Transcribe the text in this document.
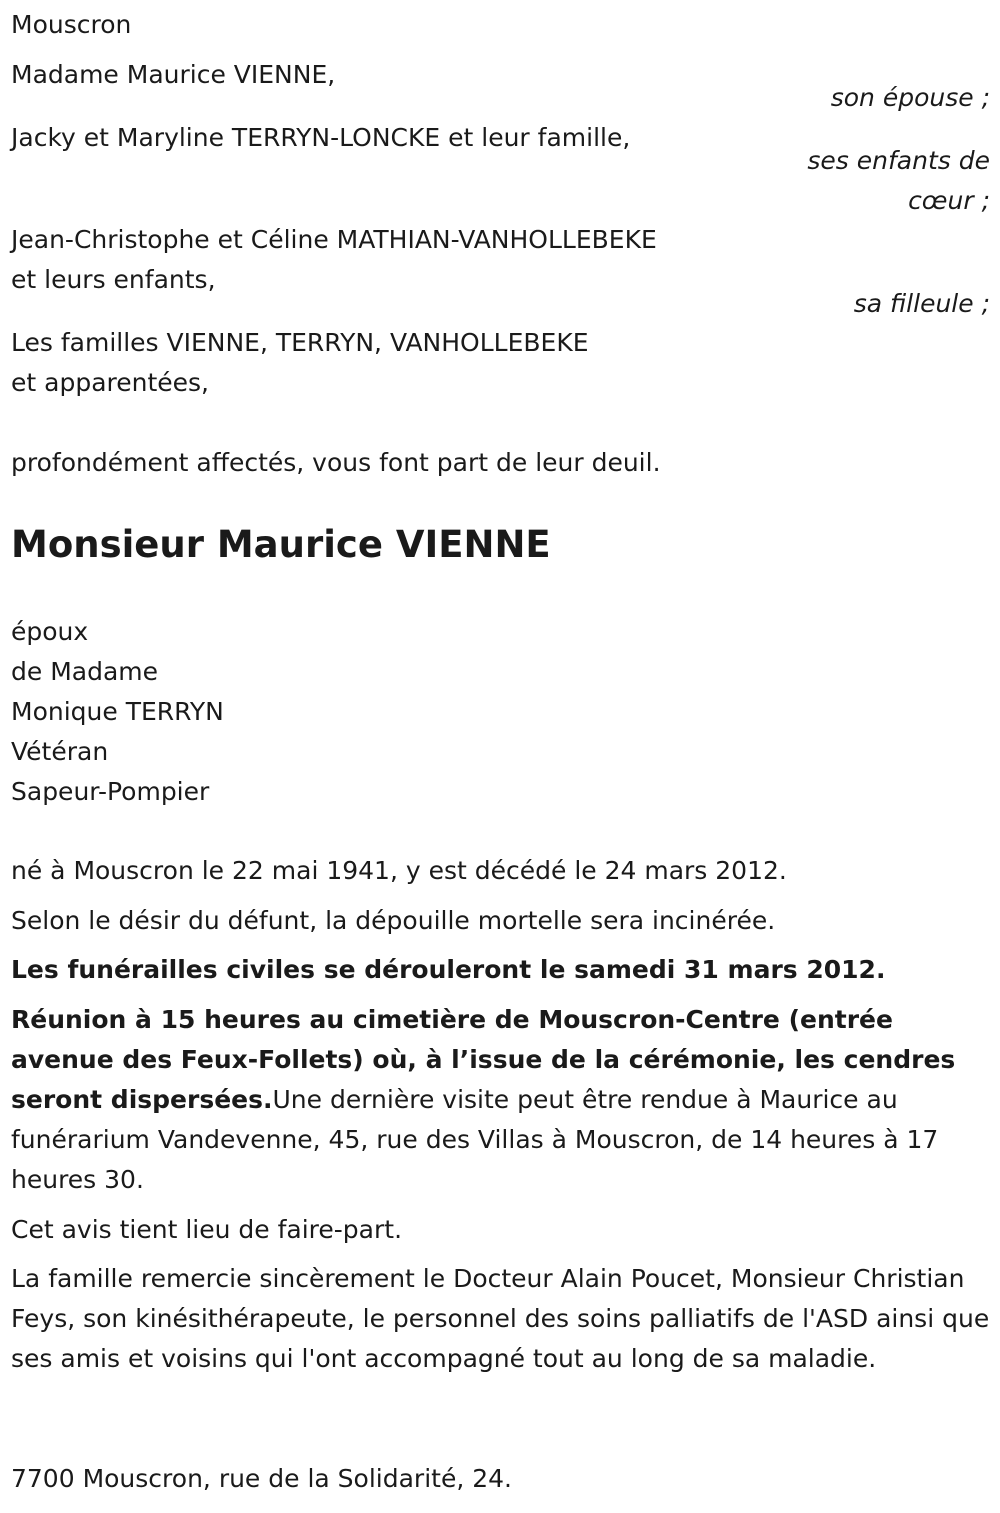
Mouscron
Madame Maurice VIENNE,
son épouse ;
Jacky et Maryline TERRYN-LONCKE et leur famille,
ses enfants de
cœur ;
Jean-Christophe et Céline MATHIAN-VANHOLLEBEKE
et leurs enfants,
sa filleule ;
Les familles VIENNE, TERRYN, VANHOLLEBEKE
et apparentées,
profondément affectés, vous font part de leur deuil.
Monsieur Maurice VIENNE
époux
de Madame
Monique TERRYN
Vétéran
Sapeur-Pompier
né à Mouscron le 22 mai 1941, y est décédé le 24 mars 2012.
Selon le désir du défunt, la dépouille mortelle sera incinérée.
Les funérailles civiles se dérouleront le samedi 31 mars 2012.
Réunion à 15 heures au cimetière de Mouscron-Centre (entrée avenue des Feux-Follets) où, à l’issue de la cérémonie, les cendres seront dispersées.Une dernière visite peut être rendue à Maurice au funérarium Vandevenne, 45, rue des Villas à Mouscron, de 14 heures à 17 heures 30.
Cet avis tient lieu de faire-part.
La famille remercie sincèrement le Docteur Alain Poucet, Monsieur Christian Feys, son kinésithérapeute, le personnel des soins palliatifs de l'ASD ainsi que ses amis et voisins qui l'ont accompagné tout au long de sa maladie.
7700 Mouscron, rue de la Solidarité, 24.
